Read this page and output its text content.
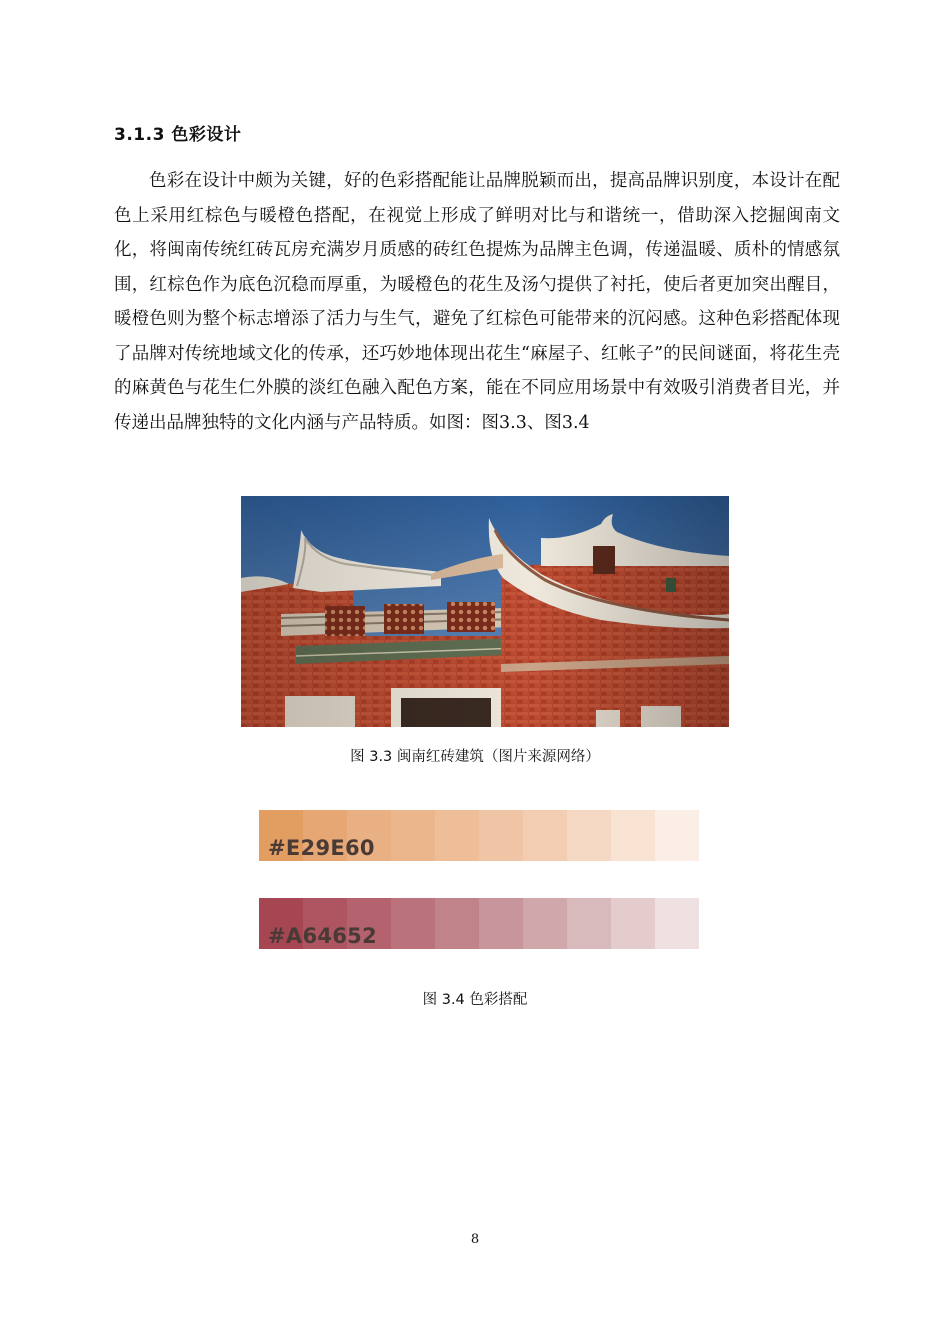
3.1.3 色彩设计

色彩在设计中颇为关键，好的色彩搭配能让品牌脱颖而出，提高品牌识别度，本设计在配色上采用红棕色与暖橙色搭配，在视觉上形成了鲜明对比与和谐统一，借助深入挖掘闽南文化，将闽南传统红砖瓦房充满岁月质感的砖红色提炼为品牌主色调，传递温暖、质朴的情感氛围，红棕色作为底色沉稳而厚重，为暖橙色的花生及汤勺提供了衬托，使后者更加突出醒目，暖橙色则为整个标志增添了活力与生气，避免了红棕色可能带来的沉闷感。这种色彩搭配体现了品牌对传统地域文化的传承，还巧妙地体现出花生“麻屋子、红帐子”的民间谜面，将花生壳的麻黄色与花生仁外膜的淡红色融入配色方案，能在不同应用场景中有效吸引消费者目光，并传递出品牌独特的文化内涵与产品特质。如图：图3.3、图3.4

图 3.3 闽南红砖建筑（图片来源网络）
#E29E60
#A64652
图 3.4 色彩搭配
8
